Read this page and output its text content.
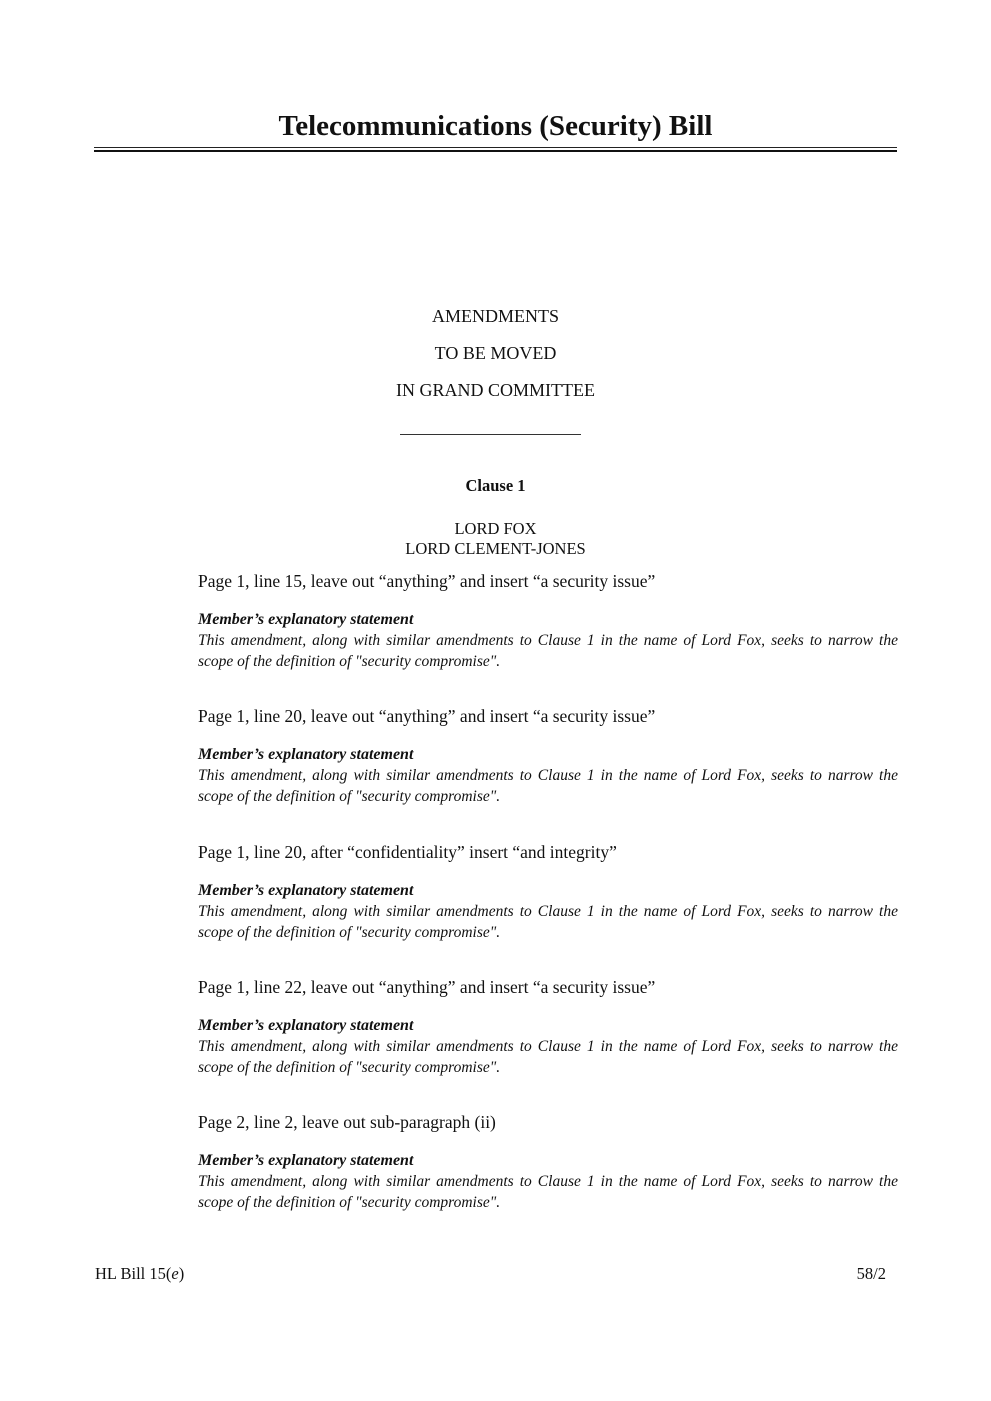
Telecommunications (Security) Bill
AMENDMENTS
TO BE MOVED
IN GRAND COMMITTEE
Clause 1
LORD FOX
LORD CLEMENT-JONES
Page 1, line 15, leave out “anything” and insert “a security issue”
Member’s explanatory statement
This amendment, along with similar amendments to Clause 1 in the name of Lord Fox, seeks to narrow the scope of the definition of "security compromise".
Page 1, line 20, leave out “anything” and insert “a security issue”
Member’s explanatory statement
This amendment, along with similar amendments to Clause 1 in the name of Lord Fox, seeks to narrow the scope of the definition of "security compromise".
Page 1, line 20, after “confidentiality” insert “and integrity”
Member’s explanatory statement
This amendment, along with similar amendments to Clause 1 in the name of Lord Fox, seeks to narrow the scope of the definition of "security compromise".
Page 1, line 22, leave out “anything” and insert “a security issue”
Member’s explanatory statement
This amendment, along with similar amendments to Clause 1 in the name of Lord Fox, seeks to narrow the scope of the definition of "security compromise".
Page 2, line 2, leave out sub-paragraph (ii)
Member’s explanatory statement
This amendment, along with similar amendments to Clause 1 in the name of Lord Fox, seeks to narrow the scope of the definition of "security compromise".
HL Bill 15(e)	58/2
